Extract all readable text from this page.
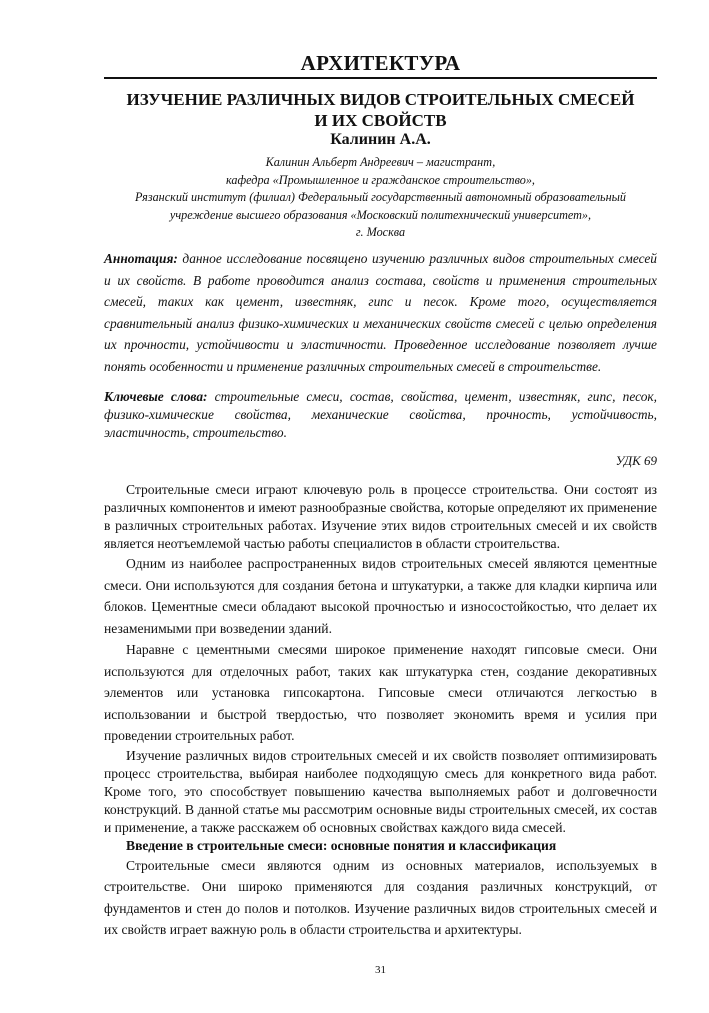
АРХИТЕКТУРА
ИЗУЧЕНИЕ РАЗЛИЧНЫХ ВИДОВ СТРОИТЕЛЬНЫХ СМЕСЕЙ
И ИХ СВОЙСТВ
Калинин А.А.
Калинин Альберт Андреевич – магистрант,
кафедра «Промышленное и гражданское строительство»,
Рязанский институт (филиал) Федеральный государственный автономный образовательный
учреждение высшего образования «Московский политехнический университет»,
г. Москва
Аннотация: данное исследование посвящено изучению различных видов строительных смесей и их свойств. В работе проводится анализ состава, свойств и применения строительных смесей, таких как цемент, известняк, гипс и песок. Кроме того, осуществляется сравнительный анализ физико-химических и механических свойств смесей с целью определения их прочности, устойчивости и эластичности. Проведенное исследование позволяет лучше понять особенности и применение различных строительных смесей в строительстве.
Ключевые слова: строительные смеси, состав, свойства, цемент, известняк, гипс, песок, физико-химические свойства, механические свойства, прочность, устойчивость, эластичность, строительство.
УДК 69

Строительные смеси играют ключевую роль в процессе строительства. Они состоят из различных компонентов и имеют разнообразные свойства, которые определяют их применение в различных строительных работах. Изучение этих видов строительных смесей и их свойств является неотъемлемой частью работы специалистов в области строительства.

Одним из наиболее распространенных видов строительных смесей являются цементные смеси. Они используются для создания бетона и штукатурки, а также для кладки кирпича или блоков. Цементные смеси обладают высокой прочностью и износостойкостью, что делает их незаменимыми при возведении зданий.

Наравне с цементными смесями широкое применение находят гипсовые смеси. Они используются для отделочных работ, таких как штукатурка стен, создание декоративных элементов или установка гипсокартона. Гипсовые смеси отличаются легкостью в использовании и быстрой твердостью, что позволяет экономить время и усилия при проведении строительных работ.

Изучение различных видов строительных смесей и их свойств позволяет оптимизировать процесс строительства, выбирая наиболее подходящую смесь для конкретного вида работ. Кроме того, это способствует повышению качества выполняемых работ и долговечности конструкций. В данной статье мы рассмотрим основные виды строительных смесей, их состав и применение, а также расскажем об основных свойствах каждого вида смесей.

Введение в строительные смеси: основные понятия и классификация

Строительные смеси являются одним из основных материалов, используемых в строительстве. Они широко применяются для создания различных конструкций, от фундаментов и стен до полов и потолков. Изучение различных видов строительных смесей и их свойств играет важную роль в области строительства и архитектуры.

31
